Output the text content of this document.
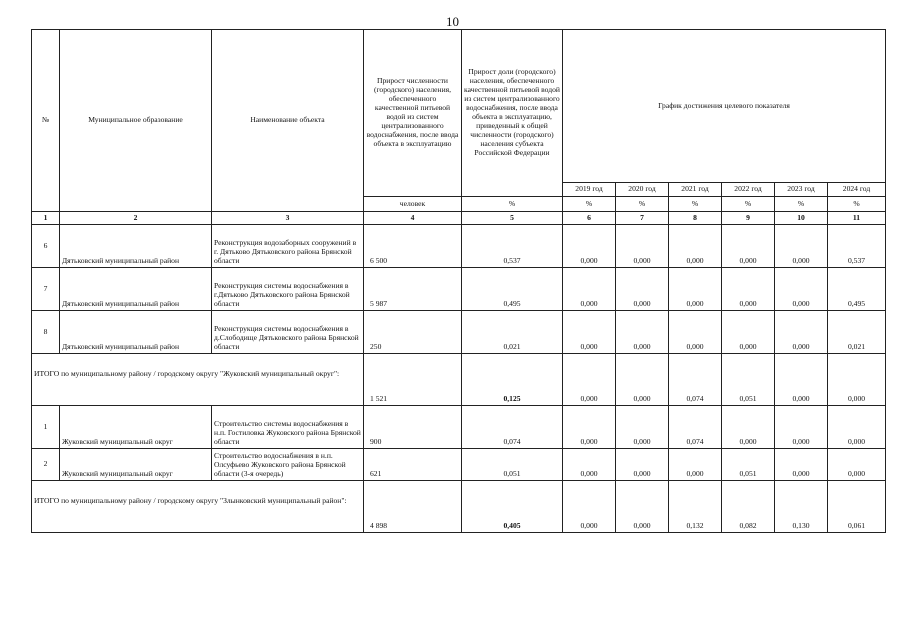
10
№	Муниципальное образование	Наименование объекта	Прирост численности (городского) населения, обеспеченного качественной питьевой водой из систем централизованного водоснабжения, после ввода объекта в эксплуатацию	Прирост доли (городского) населения, обеспеченного качественной питьевой водой из систем централизованного водоснабжения, после ввода объекта в эксплуатацию, приведенный к общей численности (городского) населения субъекта Российской Федерации	График достижения целевого показателя					
					2019 год	2020 год	2021 год	2022 год	2023 год	2024 год
			человек	%	%	%	%	%	%	%
1	2	3	4	5	6	7	8	9	10	11
6	Дятьковский муниципальный район	Реконструкция водозаборных сооружений в г. Дятьково Дятьковского района Брянской области	6 500	0,537	0,000	0,000	0,000	0,000	0,000	0,537
7	Дятьковский муниципальный район	Реконструкция системы водоснабжения в г.Дятьково Дятьковского района Брянской области	5 987	0,495	0,000	0,000	0,000	0,000	0,000	0,495
8	Дятьковский муниципальный район	Реконструкция системы водоснабжения в д.Слободище Дятьковского района Брянской области	250	0,021	0,000	0,000	0,000	0,000	0,000	0,021
ИТОГО по муниципальному району / городскому округу "Жуковский муниципальный округ":			1 521	0,125	0,000	0,000	0,074	0,051	0,000	0,000
1	Жуковский муниципальный округ	Строительство системы водоснабжения в н.п. Гостиловка Жуковского района Брянской области	900	0,074	0,000	0,000	0,074	0,000	0,000	0,000
2	Жуковский муниципальный округ	Строительство водоснабжения в н.п. Олсуфьево Жуковского района Брянской области (3-я очередь)	621	0,051	0,000	0,000	0,000	0,051	0,000	0,000
ИТОГО по муниципальному району / городскому округу "Злынковский муниципальный район":			4 898	0,405	0,000	0,000	0,132	0,082	0,130	0,061
